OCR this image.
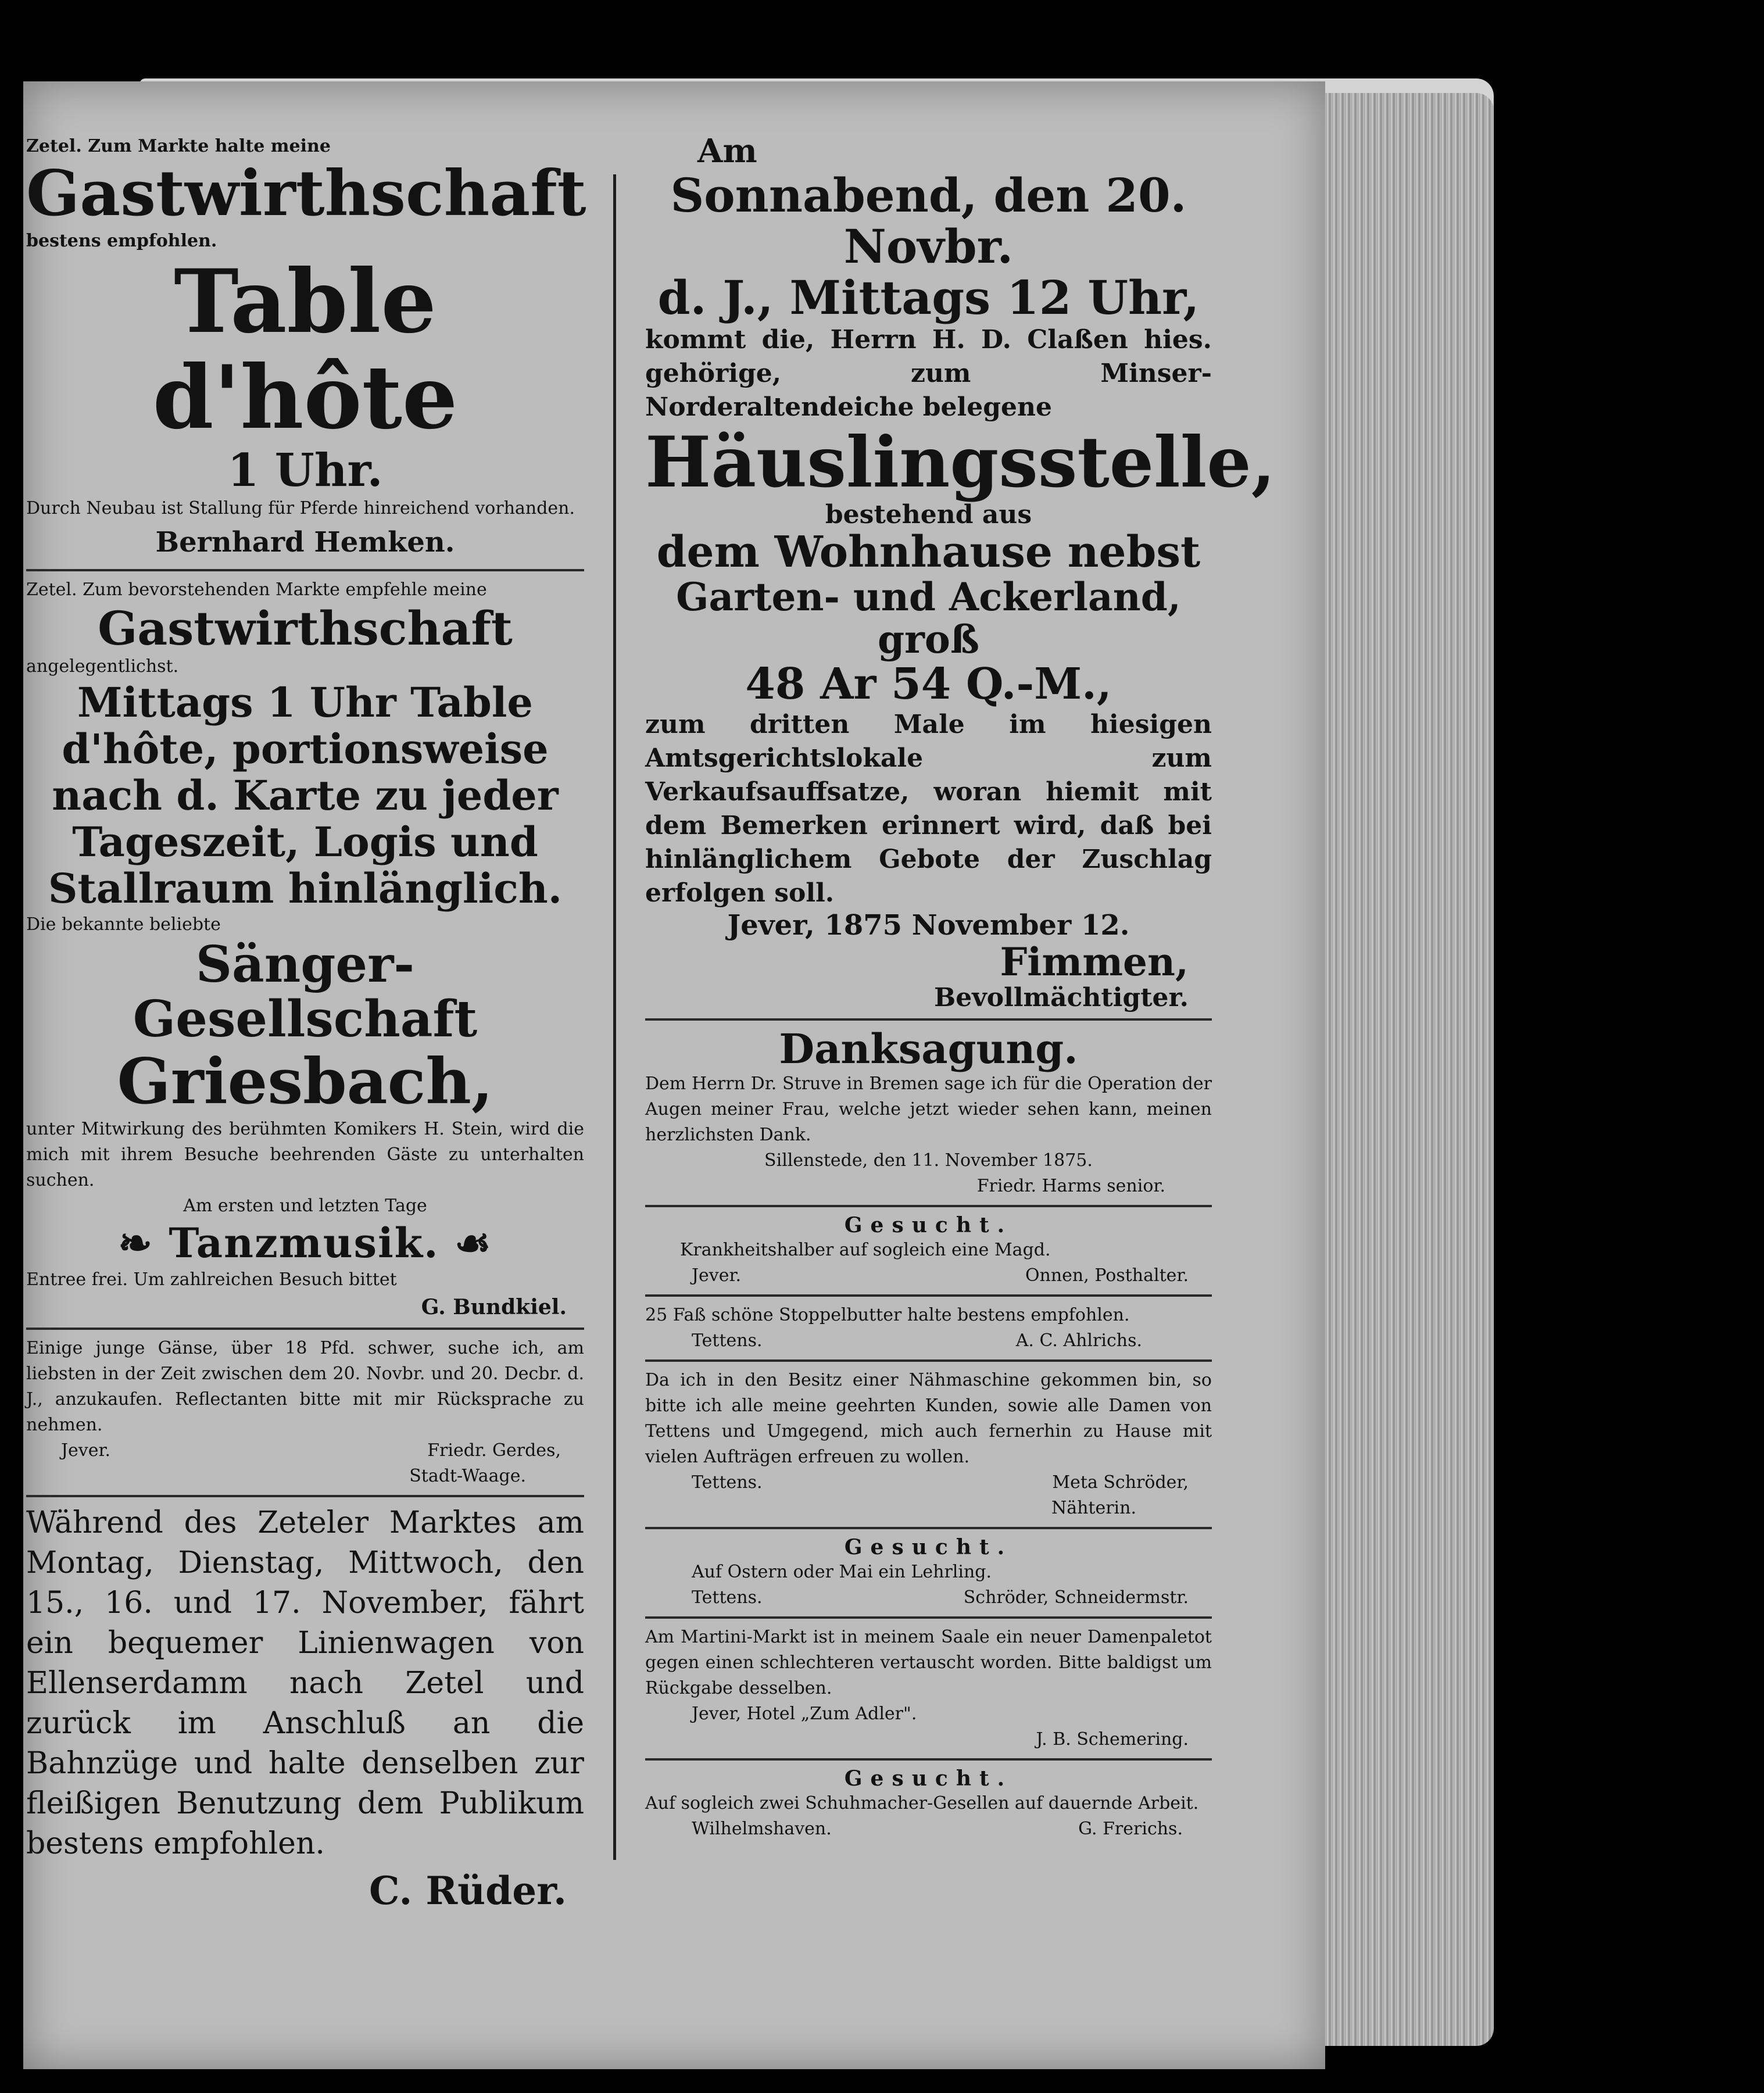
Zetel. Zum Markte halte meine
Gastwirthschaft
bestens empfohlen.
Table d'hôte
1 Uhr.
Durch Neubau ist Stallung für Pferde hinreichend vorhanden.
Bernhard Hemken.
Zetel. Zum bevorstehenden Markte empfehle meine
Gastwirthschaft
angelegentlichst.
Mittags 1 Uhr Table d'hôte, portionsweise nach d. Karte zu jeder Tageszeit, Logis und Stallraum hinlänglich.
Die bekannte beliebte
Sänger-Gesellschaft
Griesbach,
unter Mitwirkung des berühmten Komikers H. Stein, wird die mich mit ihrem Besuche beehrenden Gäste zu unterhalten suchen.
Am ersten und letzten Tage
❧ Tanzmusik. ☙
Entree frei. Um zahlreichen Besuch bittet
G. Bundkiel.
Einige junge Gänse, über 18 Pfd. schwer, suche ich, am liebsten in der Zeit zwischen dem 20. Novbr. und 20. Decbr. d. J., anzukaufen. Reflectanten bitte mit mir Rücksprache zu nehmen.
Jever.	Friedr. Gerdes,
Stadt-Waage.
Während des Zeteler Marktes am Montag, Dienstag, Mittwoch, den 15., 16. und 17. November, fährt ein bequemer Linienwagen von Ellenserdamm nach Zetel und zurück im Anschluß an die Bahnzüge und halte denselben zur fleißigen Benutzung dem Publikum bestens empfohlen.
C. Rüder.
Am
Sonnabend, den 20. Novbr.
d. J., Mittags 12 Uhr,
kommt die, Herrn H. D. Claßen hies. gehörige, zum Minser-Norderaltendeiche belegene
Häuslingsstelle,
bestehend aus
dem Wohnhause nebst
Garten- und Ackerland, groß
48 Ar 54 Q.-M.,
zum dritten Male im hiesigen Amtsgerichtslokale zum Verkaufsauffsatze, woran hiemit mit dem Bemerken erinnert wird, daß bei hinlänglichem Gebote der Zuschlag erfolgen soll.
Jever, 1875 November 12.
Fimmen,
Bevollmächtigter.
Danksagung.
Dem Herrn Dr. Struve in Bremen sage ich für die Operation der Augen meiner Frau, welche jetzt wieder sehen kann, meinen herzlichsten Dank.
Sillenstede, den 11. November 1875.
Friedr. Harms senior.
Gesucht.
Krankheitshalber auf sogleich eine Magd.
Jever.	Onnen, Posthalter.
25 Faß schöne Stoppelbutter halte bestens empfohlen.
Tettens.	A. C. Ahlrichs.
Da ich in den Besitz einer Nähmaschine gekommen bin, so bitte ich alle meine geehrten Kunden, sowie alle Damen von Tettens und Umgegend, mich auch fernerhin zu Hause mit vielen Aufträgen erfreuen zu wollen.
Tettens.	Meta Schröder,
Nähterin.
Gesucht.
Auf Ostern oder Mai ein Lehrling.
Tettens.	Schröder, Schneidermstr.
Am Martini-Markt ist in meinem Saale ein neuer Damenpaletot gegen einen schlechteren vertauscht worden. Bitte baldigst um Rückgabe desselben.
Jever, Hotel „Zum Adler".
J. B. Schemering.
Gesucht.
Auf sogleich zwei Schuhmacher-Gesellen auf dauernde Arbeit.
Wilhelmshaven.	G. Frerichs.
